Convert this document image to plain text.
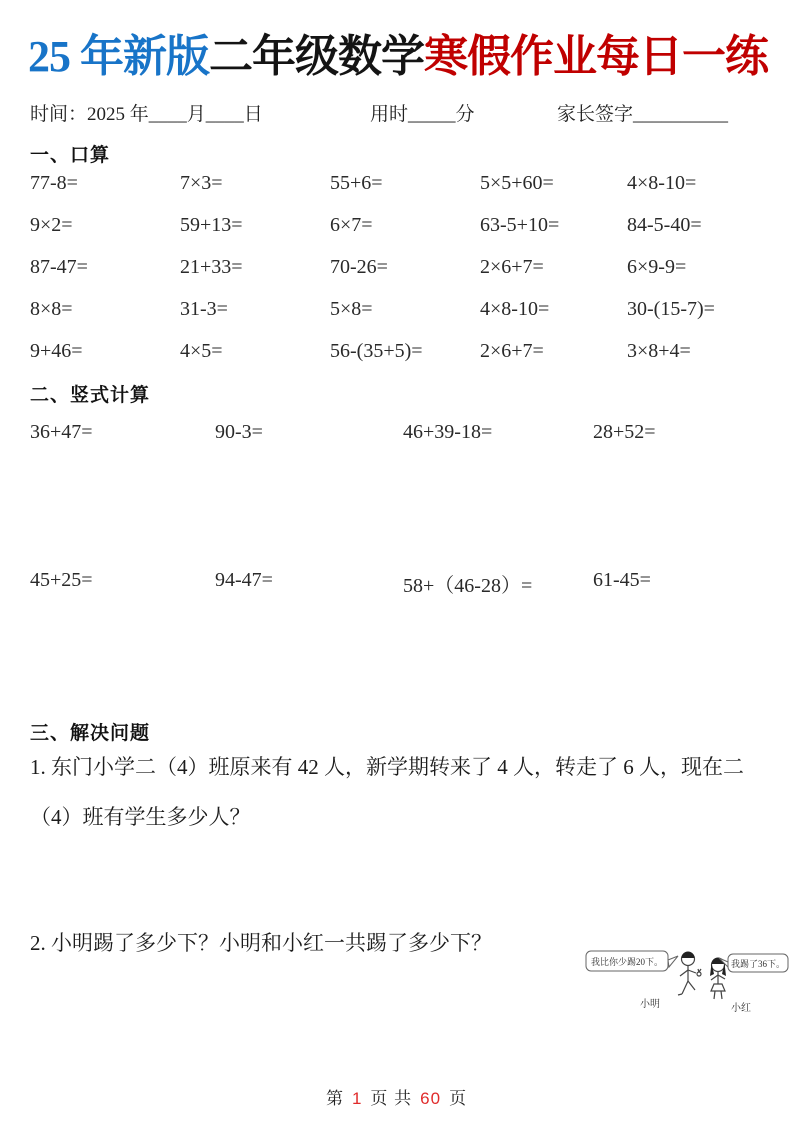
25 年新版二年级数学寒假作业每日一练
时间：2025 年____月____日	用时_____分	家长签字__________
一、口算
77-8=	7×3=	55+6=	5×5+60=	4×8-10=
9×2=	59+13=	6×7=	63-5+10=	84-5-40=
87-47=	21+33=	70-26=	2×6+7=	6×9-9=
8×8=	31-3=	5×8=	4×8-10=	30-(15-7)=
9+46=	4×5=	56-(35+5)=	2×6+7=	3×8+4=
二、竖式计算
36+47=	90-3=	46+39-18=	28+52=
45+25=	94-47=	58+（46-28）=	61-45=
三、解决问题

1. 东门小学二（4）班原来有 42 人，新学期转来了 4 人，转走了 6 人，现在二（4）班有学生多少人？

2. 小明踢了多少下？小明和小红一共踢了多少下？

我比你少踢20下。	我踢了36下。
小明	小红
第 1 页 共 60 页
